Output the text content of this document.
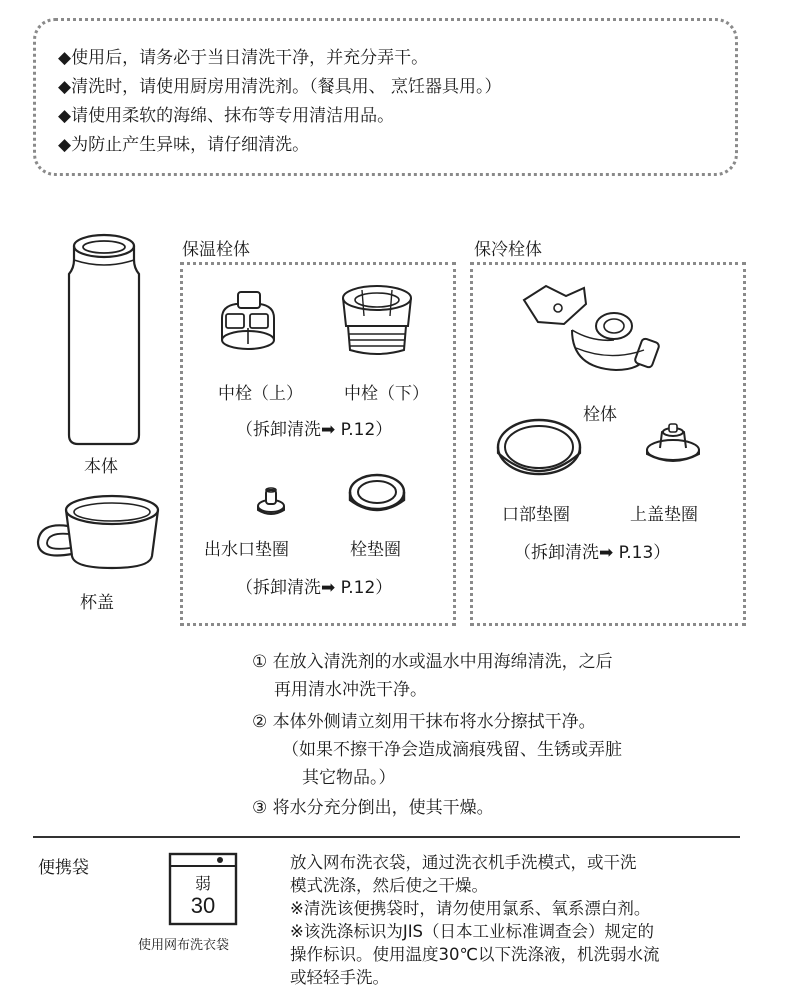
◆使用后，请务必于当日清洗干净，并充分弄干。
◆清洗时，请使用厨房用清洗剂。（餐具用、 烹饪器具用。）
◆请使用柔软的海绵、抹布等专用清洁用品。
◆为防止产生异味，请仔细清洗。
本体
杯盖
保温栓体
中栓（上） 中栓（下）
（拆卸清洗➡ P.12）
出水口垫圈	栓垫圈
（拆卸清洗➡ P.12）
保冷栓体
栓体
口部垫圈	上盖垫圈
（拆卸清洗➡ P.13）
① 在放入清洗剂的水或温水中用海绵清洗，之后
再用清水冲洗干净。
② 本体外侧请立刻用干抹布将水分擦拭干净。
（如果不擦干净会造成滴痕残留、生锈或弄脏
其它物品。）
③ 将水分充分倒出，使其干燥。
便携袋
弱
30
使用网布洗衣袋
放入网布洗衣袋，通过洗衣机手洗模式，或干洗
模式洗涤，然后使之干燥。
※清洗该便携袋时，请勿使用氯系、氧系漂白剂。
※该洗涤标识为JIS（日本工业标准调查会）规定的
操作标识。使用温度30℃以下洗涤液，机洗弱水流
或轻轻手洗。
